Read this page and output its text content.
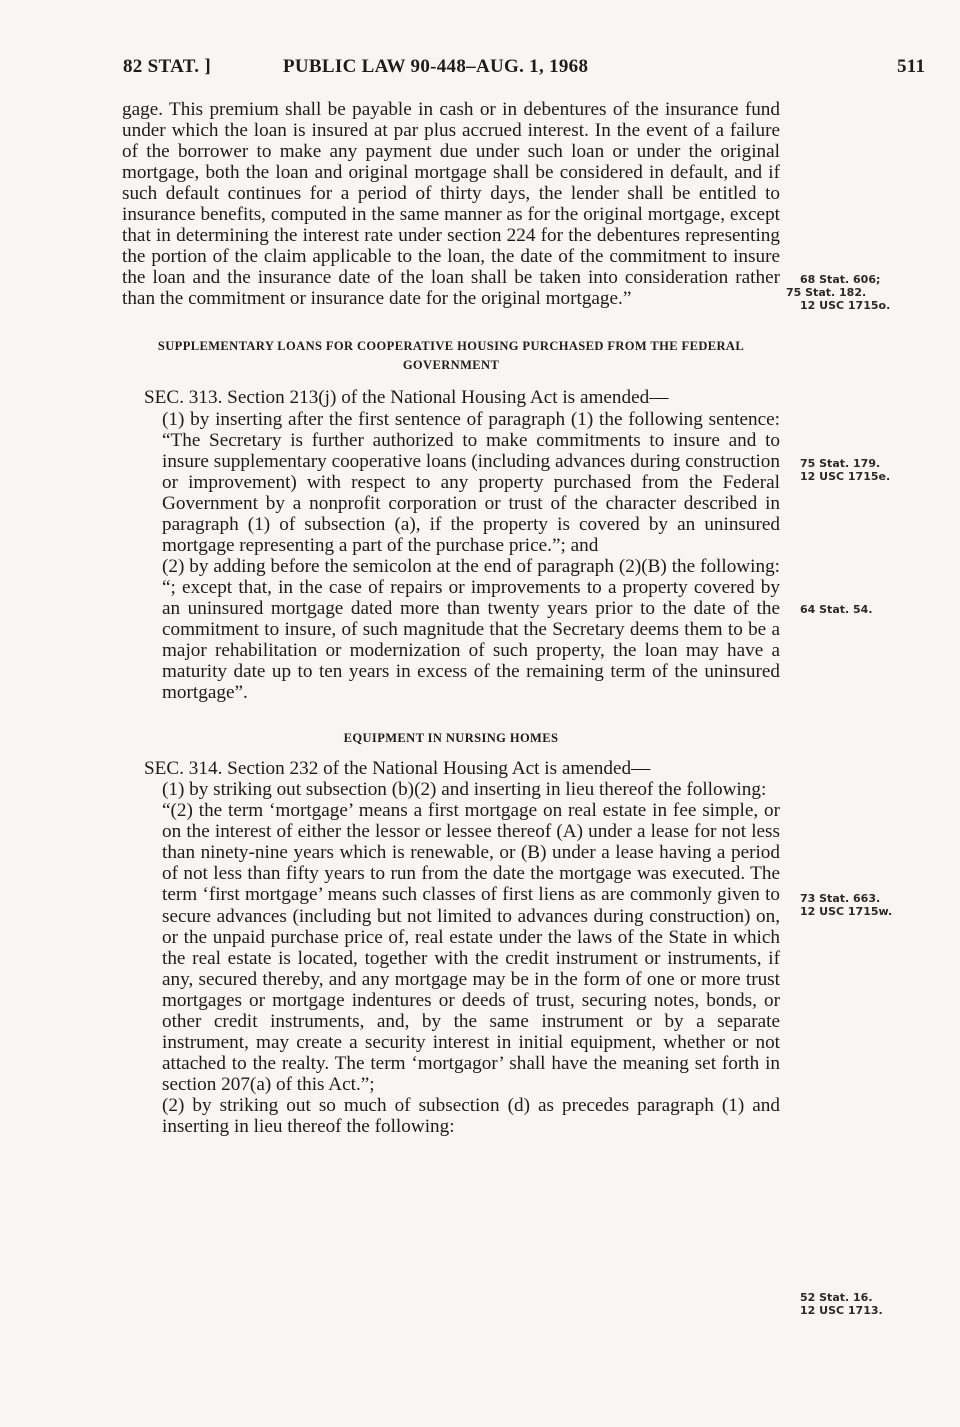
82 STAT. ]	PUBLIC LAW 90-448–AUG. 1, 1968	511

gage. This premium shall be payable in cash or in debentures of the insurance fund under which the loan is insured at par plus accrued interest. In the event of a failure of the borrower to make any payment due under such loan or under the original mortgage, both the loan and original mortgage shall be considered in default, and if such default continues for a period of thirty days, the lender shall be entitled to insurance benefits, computed in the same manner as for the original mortgage, except that in determining the interest rate under section 224 for the debentures representing the portion of the claim applicable to the loan, the date of the commitment to insure the loan and the insurance date of the loan shall be taken into consideration rather than the commitment or insurance date for the original mortgage.”

SUPPLEMENTARY LOANS FOR COOPERATIVE HOUSING PURCHASED FROM THE FEDERAL GOVERNMENT

SEC. 313. Section 213(j) of the National Housing Act is amended—

(1) by inserting after the first sentence of paragraph (1) the following sentence: “The Secretary is further authorized to make commitments to insure and to insure supplementary cooperative loans (including advances during construction or improvement) with respect to any property purchased from the Federal Government by a nonprofit corporation or trust of the character described in paragraph (1) of subsection (a), if the property is covered by an uninsured mortgage representing a part of the purchase price.”; and

(2) by adding before the semicolon at the end of paragraph (2)(B) the following: “; except that, in the case of repairs or improvements to a property covered by an uninsured mortgage dated more than twenty years prior to the date of the commitment to insure, of such magnitude that the Secretary deems them to be a major rehabilitation or modernization of such property, the loan may have a maturity date up to ten years in excess of the remaining term of the uninsured mortgage”.

EQUIPMENT IN NURSING HOMES

SEC. 314. Section 232 of the National Housing Act is amended—

(1) by striking out subsection (b)(2) and inserting in lieu thereof the following:

“(2) the term ‘mortgage’ means a first mortgage on real estate in fee simple, or on the interest of either the lessor or lessee thereof (A) under a lease for not less than ninety-nine years which is renewable, or (B) under a lease having a period of not less than fifty years to run from the date the mortgage was executed. The term ‘first mortgage’ means such classes of first liens as are commonly given to secure advances (including but not limited to advances during construction) on, or the unpaid purchase price of, real estate under the laws of the State in which the real estate is located, together with the credit instrument or instruments, if any, secured thereby, and any mortgage may be in the form of one or more trust mortgages or mortgage indentures or deeds of trust, securing notes, bonds, or other credit instruments, and, by the same instrument or by a separate instrument, may create a security interest in initial equipment, whether or not attached to the realty. The term ‘mortgagor’ shall have the meaning set forth in section 207(a) of this Act.”;

(2) by striking out so much of subsection (d) as precedes paragraph (1) and inserting in lieu thereof the following:

68 Stat. 606;
75 Stat. 182.
12 USC 1715o.
75 Stat. 179.
12 USC 1715e.
64 Stat. 54.
73 Stat. 663.
12 USC 1715w.
52 Stat. 16.
12 USC 1713.
